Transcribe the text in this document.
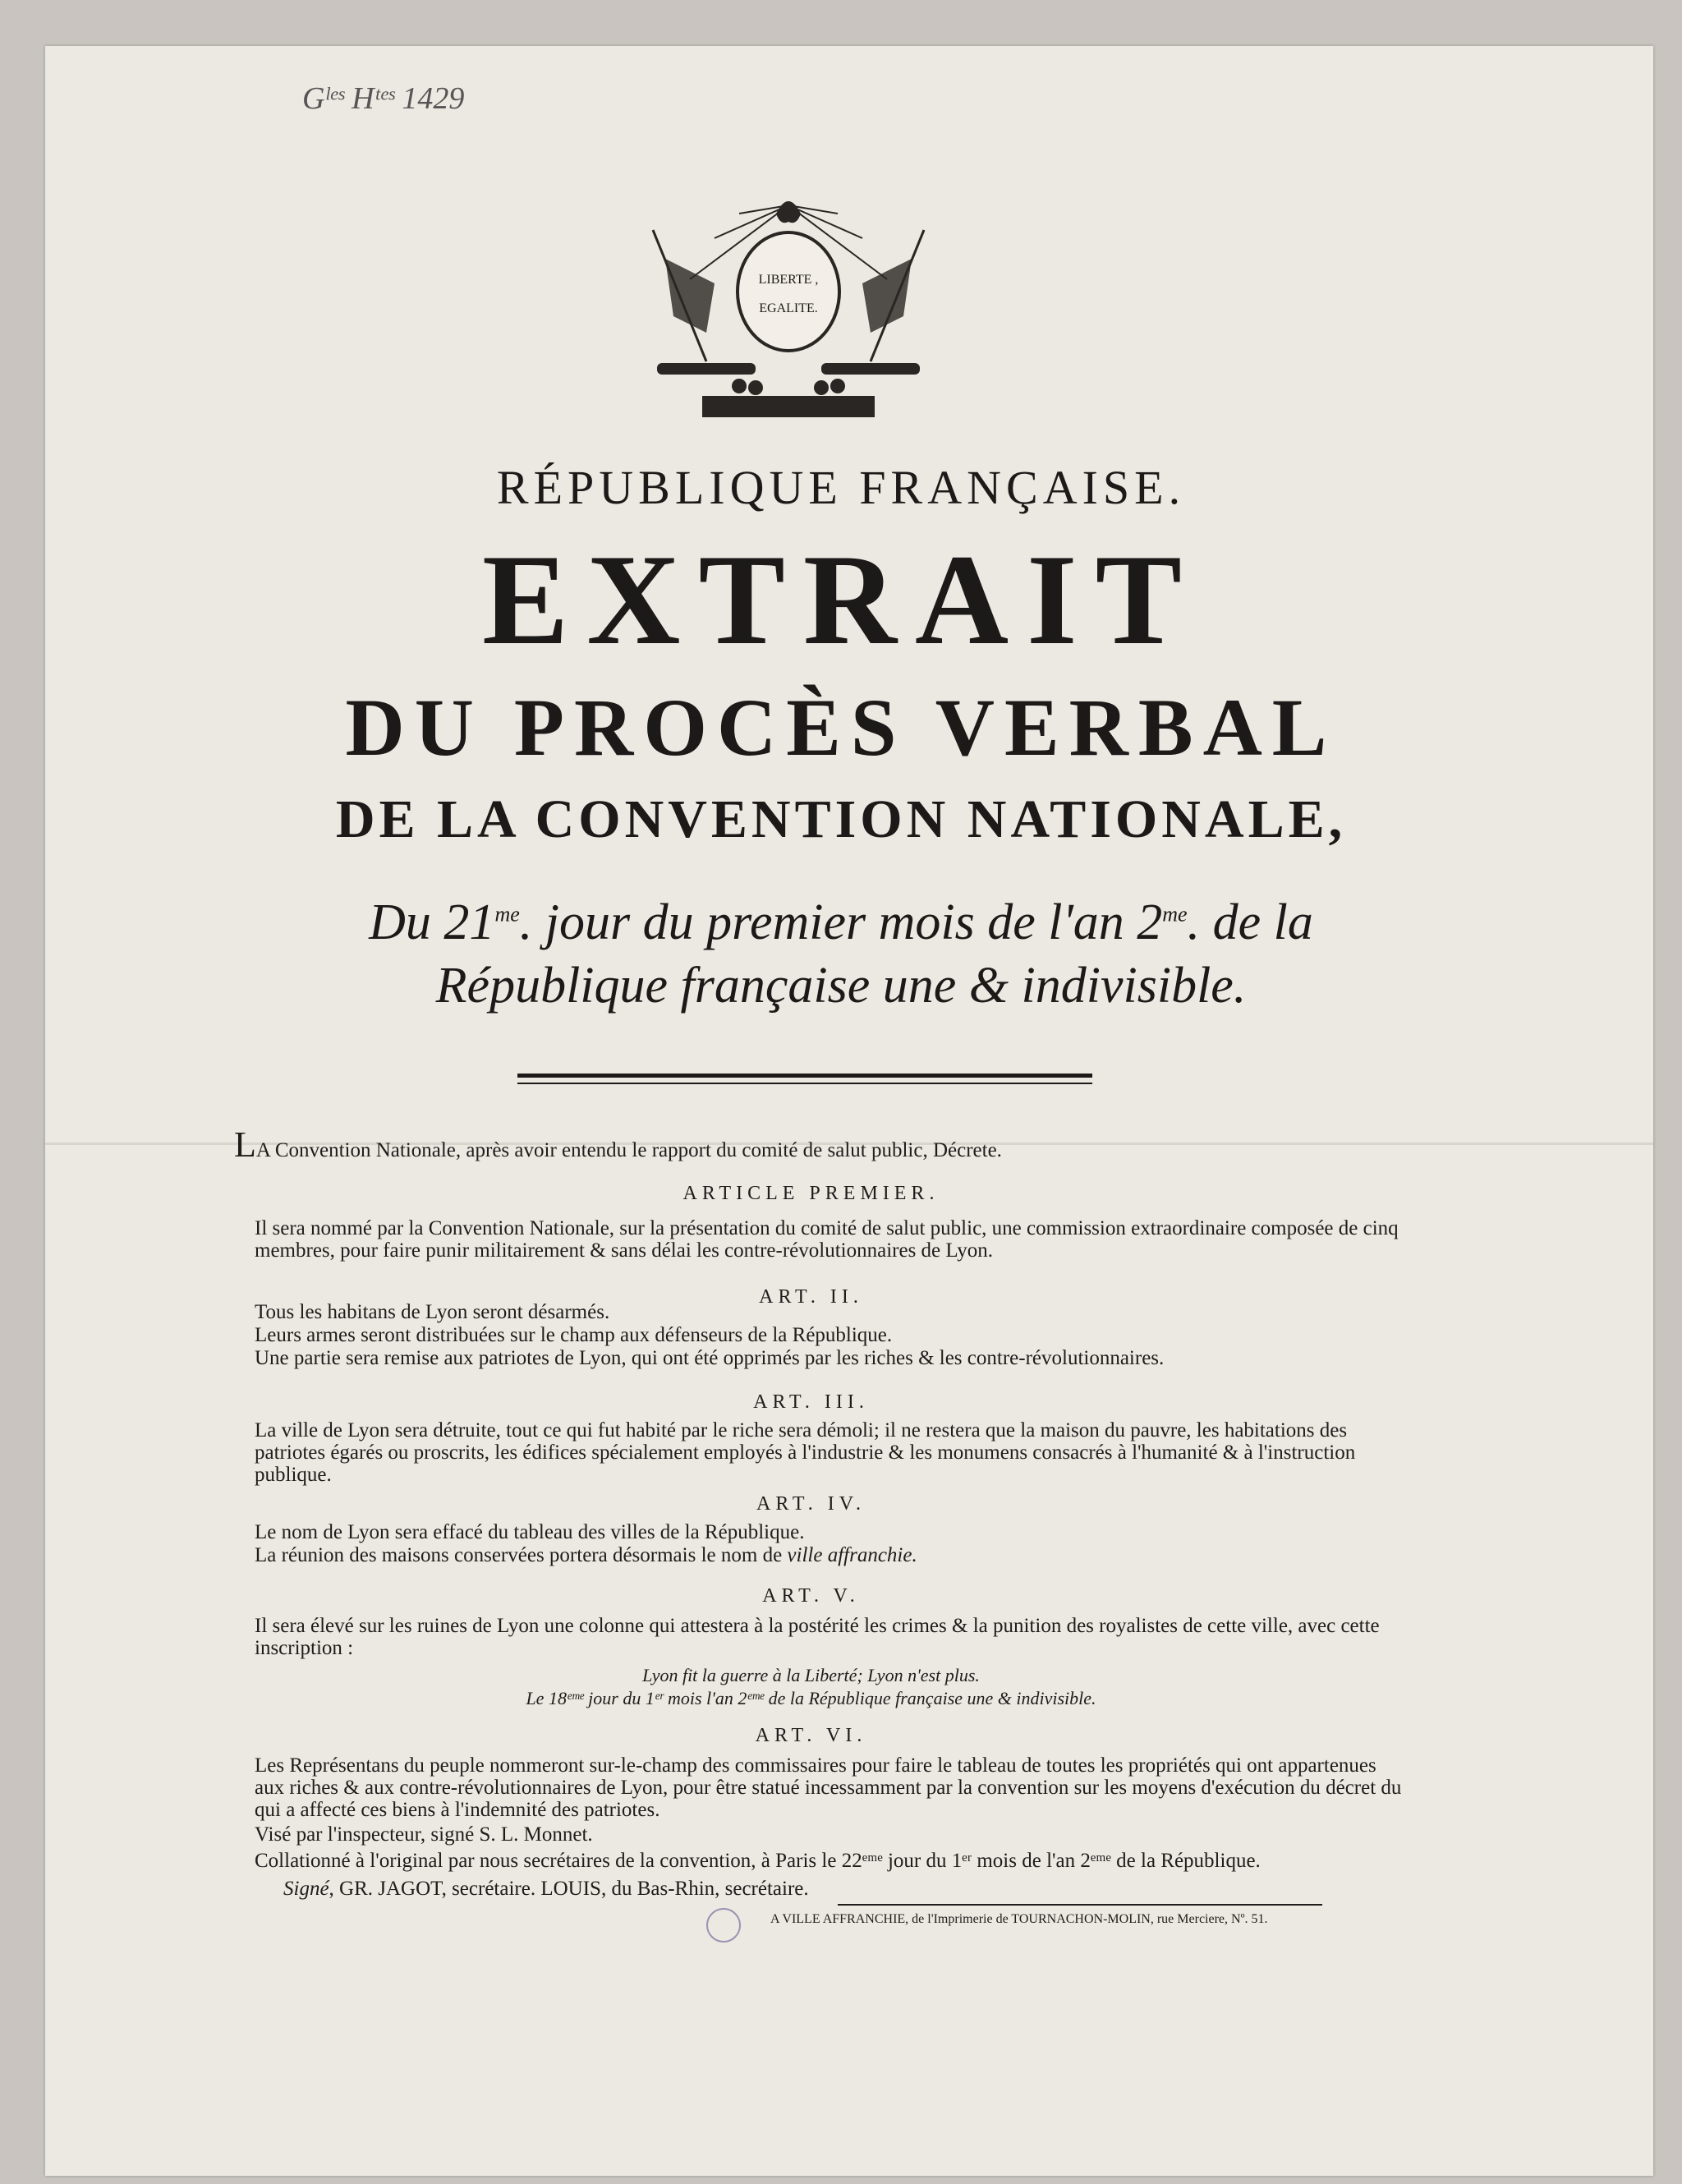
Gˡᵉˢ Hᵗᵉˢ 1429
LIBERTE ,
EGALITE.
RÉPUBLIQUE FRANÇAISE.
EXTRAIT
DU PROCÈS VERBAL
DE LA CONVENTION NATIONALE,
Du $21^{me}$. jour du premier mois de l'an $2^{me}$. de la
République française une & indivisible.
LA Convention Nationale, après avoir entendu le rapport du comité de salut public, Décrete.
ARTICLE PREMIER.
Il sera nommé par la Convention Nationale, sur la présentation du comité de salut public, une commission extraordinaire composée de cinq membres, pour faire punir militairement & sans délai les contre-révolutionnaires de Lyon.
ART. II.
Tous les habitans de Lyon seront désarmés.
Leurs armes seront distribuées sur le champ aux défenseurs de la République.
Une partie sera remise aux patriotes de Lyon, qui ont été opprimés par les riches & les contre-révolutionnaires.
ART. III.
La ville de Lyon sera détruite, tout ce qui fut habité par le riche sera démoli; il ne restera que la maison du pauvre, les habitations des patriotes égarés ou proscrits, les édifices spécialement employés à l'industrie & les monumens consacrés à l'humanité & à l'instruction publique.
ART. IV.
Le nom de Lyon sera effacé du tableau des villes de la République.
La réunion des maisons conservées portera désormais le nom de ville affranchie.
ART. V.
Il sera élevé sur les ruines de Lyon une colonne qui attestera à la postérité les crimes & la punition des royalistes de cette ville, avec cette inscription :
Lyon fit la guerre à la Liberté; Lyon n'est plus.
Le 18ᵉᵐᵉ jour du 1ᵉʳ mois l'an 2ᵉᵐᵉ de la République française une & indivisible.
ART. VI.
Les Représentans du peuple nommeront sur-le-champ des commissaires pour faire le tableau de toutes les propriétés qui ont appartenues aux riches & aux contre-révolutionnaires de Lyon, pour être statué incessamment par la convention sur les moyens d'exécution du décret du qui a affecté ces biens à l'indemnité des patriotes.
Visé par l'inspecteur, signé S. L. Monnet.
Collationné à l'original par nous secrétaires de la convention, à Paris le 22ᵉᵐᵉ jour du 1ᵉʳ mois de l'an 2ᵉᵐᵉ de la République.
Signé, GR. JAGOT, secrétaire. LOUIS, du Bas-Rhin, secrétaire.
A VILLE AFFRANCHIE, de l'Imprimerie de TOURNACHON-MOLIN, rue Merciere, Nº. 51.
